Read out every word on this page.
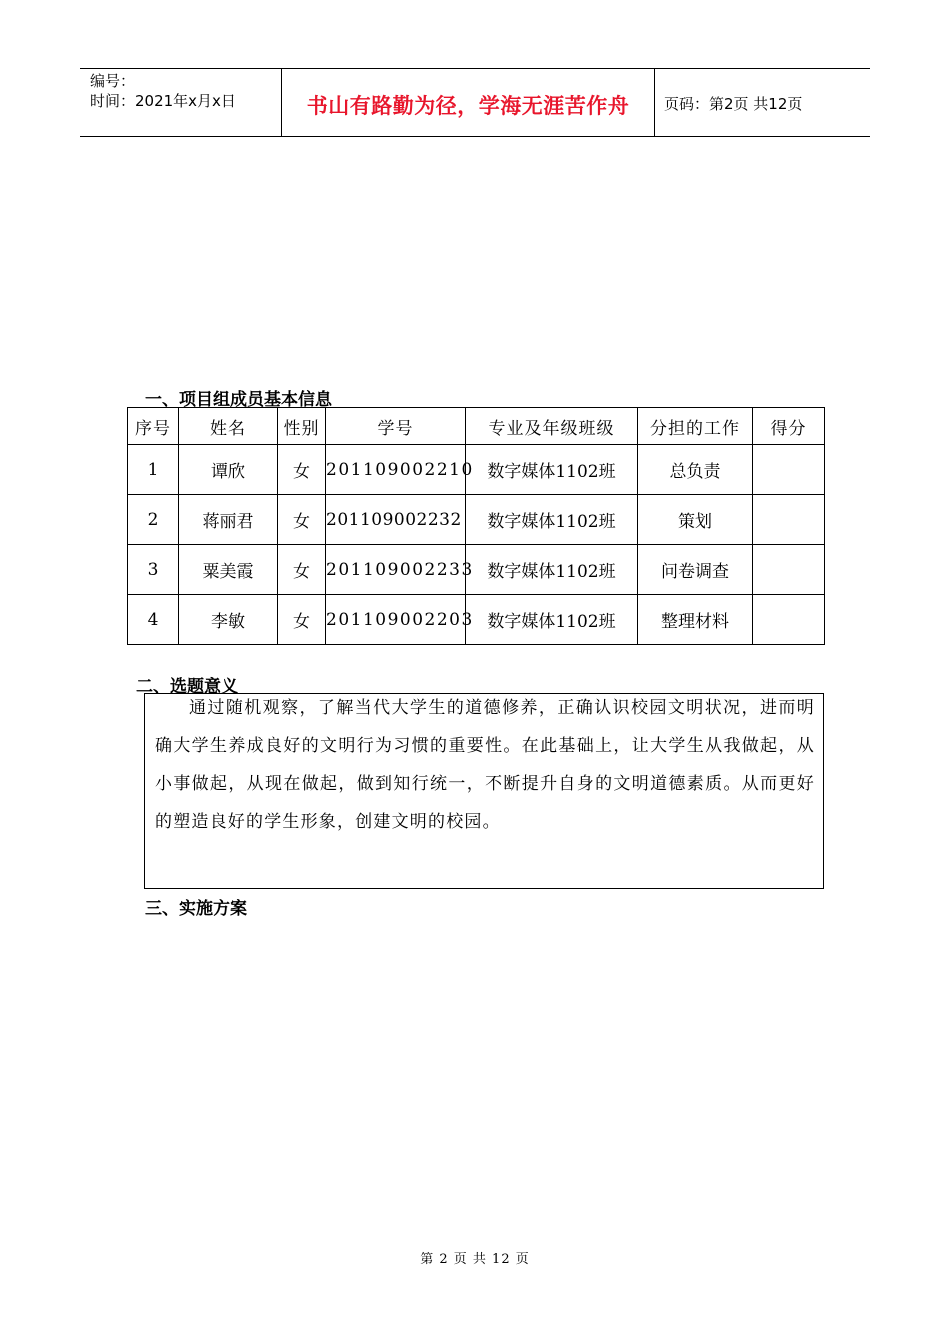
编号：
时间：2021年x月x日	书山有路勤为径，学海无涯苦作舟	页码：第2页 共12页
一、项目组成员基本信息
序号	姓名	性别	学号	专业及年级班级	分担的工作	得分
1	谭欣	女	201109002210	数字媒体1102班	总负责	
2	蒋丽君	女	201109002232	数字媒体1102班	策划	
3	粟美霞	女	201109002233	数字媒体1102班	问卷调查	
4	李敏	女	201109002203	数字媒体1102班	整理材料	
二、选题意义

通过随机观察，了解当代大学生的道德修养，正确认识校园文明状况，进而明确大学生养成良好的文明行为习惯的重要性。在此基础上，让大学生从我做起，从小事做起，从现在做起，做到知行统一，不断提升自身的文明道德素质。从而更好的塑造良好的学生形象，创建文明的校园。

三、实施方案
第 2 页 共 12 页
